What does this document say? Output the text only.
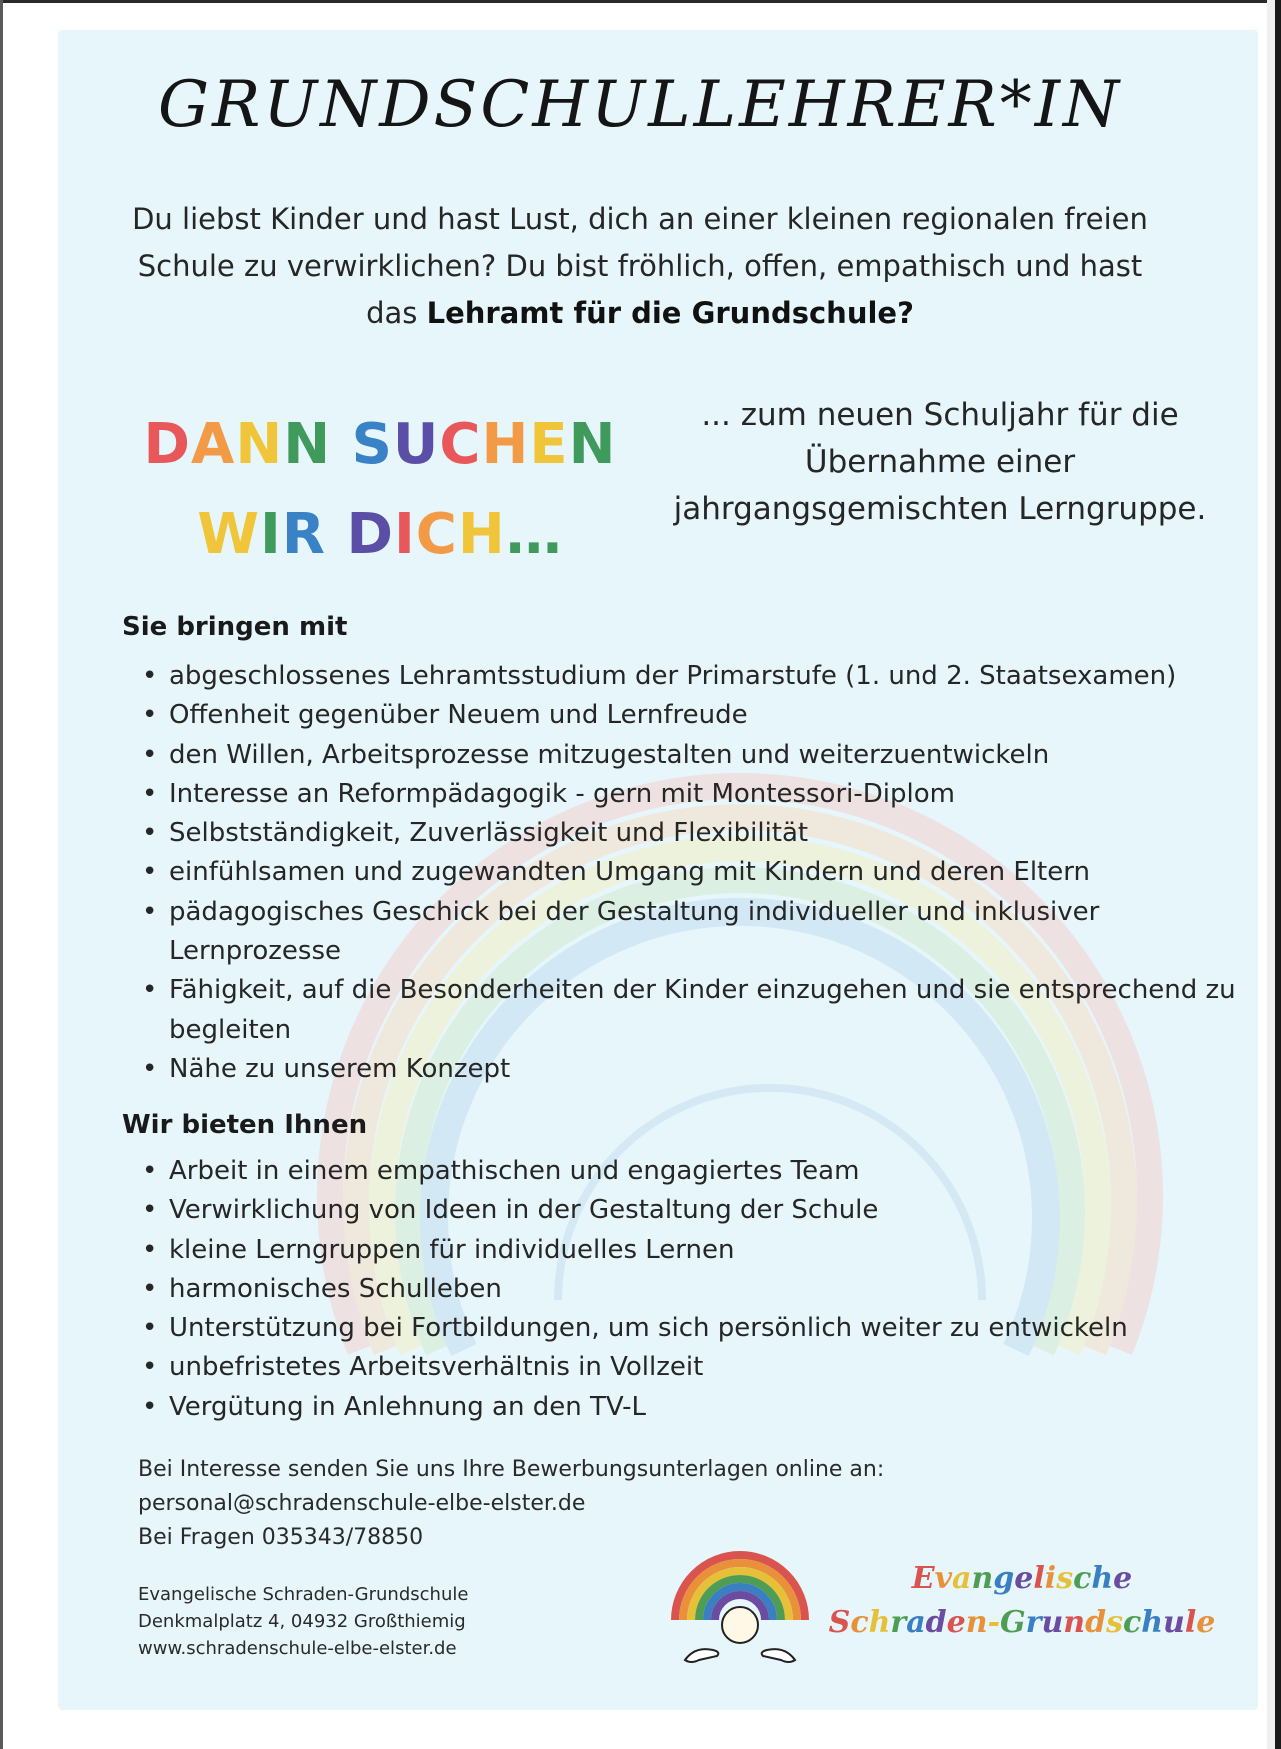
GRUNDSCHULLEHRER*IN
Du liebst Kinder und hast Lust, dich an einer kleinen regionalen freien Schule zu verwirklichen? Du bist fröhlich, offen, empathisch und hast das Lehramt für die Grundschule?
DANN SUCHEN
WIR DICH…
... zum neuen Schuljahr für die Übernahme einer jahrgangsgemischten Lerngruppe.
Sie bringen mit
• abgeschlossenes Lehramtsstudium der Primarstufe (1. und 2. Staatsexamen)
• Offenheit gegenüber Neuem und Lernfreude
• den Willen, Arbeitsprozesse mitzugestalten und weiterzuentwickeln
• Interesse an Reformpädagogik - gern mit Montessori-Diplom
• Selbstständigkeit, Zuverlässigkeit und Flexibilität
• einfühlsamen und zugewandten Umgang mit Kindern und deren Eltern
• pädagogisches Geschick bei der Gestaltung individueller und inklusiver Lernprozesse
• Fähigkeit, auf die Besonderheiten der Kinder einzugehen und sie entsprechend zu begleiten
• Nähe zu unserem Konzept
Wir bieten Ihnen
• Arbeit in einem empathischen und engagiertes Team
• Verwirklichung von Ideen in der Gestaltung der Schule
• kleine Lerngruppen für individuelles Lernen
• harmonisches Schulleben
• Unterstützung bei Fortbildungen, um sich persönlich weiter zu entwickeln
• unbefristetes Arbeitsverhältnis in Vollzeit
• Vergütung in Anlehnung an den TV-L
Bei Interesse senden Sie uns Ihre Bewerbungsunterlagen online an:
personal@schradenschule-elbe-elster.de
Bei Fragen 035343/78850
Evangelische Schraden-Grundschule
Denkmalplatz 4, 04932 Großthiemig
www.schradenschule-elbe-elster.de
Evangelische
Schraden-Grundschule
